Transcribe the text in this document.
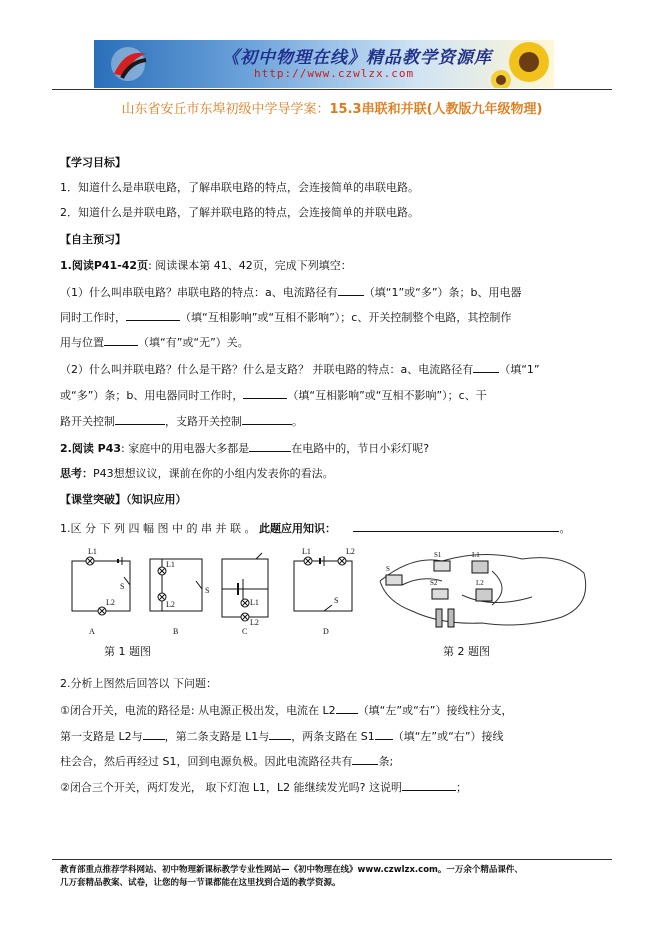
《初中物理在线》精品教学资源库
http://www.czwlzx.com
山东省安丘市东埠初级中学导学案：15.3串联和并联(人教版九年级物理)
【学习目标】
1．知道什么是串联电路，了解串联电路的特点，会连接简单的串联电路。
2．知道什么是并联电路，了解并联电路的特点，会连接简单的并联电路。
【自主预习】
1.阅读P41-42页: 阅读课本第 41、42页，完成下列填空：
（1）什么叫串联电路？串联电路的特点：a、电流路径有 （填“1”或“多”）条；b、用电器
同时工作时，	（填“互相影响”或“互相不影响”）；c、开关控制整个电路，其控制作
用与位置	（填“有”或“无”）关。
（2）什么叫并联电路？什么是干路？什么是支路？ 并联电路的特点：a、电流路径有 （填“1”
或“多”）条；b、用电器同时工作时，	（填“互相影响”或“互相不影响”）；c、干
路开关控制	，支路开关控制	。
2.阅读 P43: 家庭中的用电器大多都是	在电路中的，节日小彩灯呢?
思考：P43想想议议，课前在你的小组内发表你的看法。
【课堂突破】（知识应用）
1.区 分 下 列 四 幅 图 中 的 串 并 联 。 此题应用知识：	。
L1
L2
S
L1
L2
S
L1
L2
L1	L2
S
A	B	C	D
S
S1	L1
S2	L2
第 1 题图	第 2 题图
2.分析上图然后回答以 下问题：
①闭合开关，电流的路径是: 从电源正极出发，电流在 L2 （填“左”或“右”）接线柱分支，
第一支路是 L2与 ，第二条支路是 L1与 ，两条支路在 S1 （填“左”或“右”）接线
柱会合，然后再经过 S1，回到电源负极。因此电流路径共有 条;
②闭合三个开关，两灯发光， 取下灯泡 L1，L2 能继续发光吗? 这说明	；
教育部重点推荐学科网站、初中物理新课标教学专业性网站—《初中物理在线》www.czwlzx.com。一万余个精品课件、
几万套精品教案、试卷，让您的每一节课都能在这里找到合适的教学资源。
